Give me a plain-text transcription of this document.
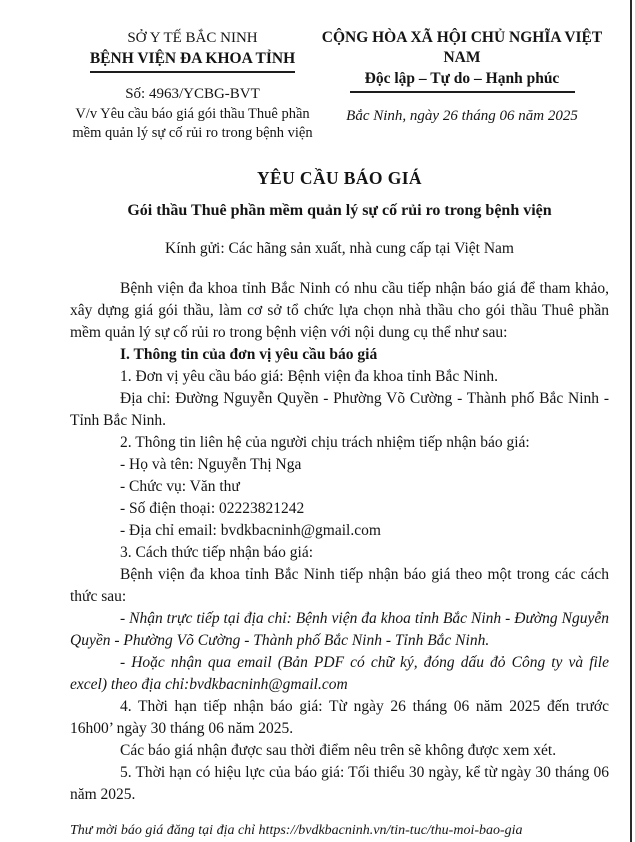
SỞ Y TẾ BẮC NINH
BỆNH VIỆN ĐA KHOA TỈNH
Số: 4963/YCBG-BVT
V/v Yêu cầu báo giá gói thầu Thuê phần mềm quản lý sự cố rủi ro trong bệnh viện
CỘNG HÒA XÃ HỘI CHỦ NGHĨA VIỆT NAM
Độc lập – Tự do – Hạnh phúc
Bắc Ninh, ngày 26 tháng 06 năm 2025
YÊU CẦU BÁO GIÁ
Gói thầu Thuê phần mềm quản lý sự cố rủi ro trong bệnh viện
Kính gửi: Các hãng sản xuất, nhà cung cấp tại Việt Nam

Bệnh viện đa khoa tỉnh Bắc Ninh có nhu cầu tiếp nhận báo giá để tham khảo, xây dựng giá gói thầu, làm cơ sở tổ chức lựa chọn nhà thầu cho gói thầu Thuê phần mềm quản lý sự cố rủi ro trong bệnh viện với nội dung cụ thể như sau:

I. Thông tin của đơn vị yêu cầu báo giá

1. Đơn vị yêu cầu báo giá: Bệnh viện đa khoa tỉnh Bắc Ninh.

Địa chỉ: Đường Nguyễn Quyền - Phường Võ Cường - Thành phố Bắc Ninh - Tỉnh Bắc Ninh.

2. Thông tin liên hệ của người chịu trách nhiệm tiếp nhận báo giá:

- Họ và tên: Nguyễn Thị Nga

- Chức vụ: Văn thư

- Số điện thoại: 02223821242

- Địa chỉ email: bvdkbacninh@gmail.com

3. Cách thức tiếp nhận báo giá:

Bệnh viện đa khoa tỉnh Bắc Ninh tiếp nhận báo giá theo một trong các cách thức sau:

- Nhận trực tiếp tại địa chỉ: Bệnh viện đa khoa tỉnh Bắc Ninh - Đường Nguyễn Quyền - Phường Võ Cường - Thành phố Bắc Ninh - Tỉnh Bắc Ninh.

- Hoặc nhận qua email (Bản PDF có chữ ký, đóng dấu đỏ Công ty và file excel) theo địa chỉ:bvdkbacninh@gmail.com

4. Thời hạn tiếp nhận báo giá: Từ ngày 26 tháng 06 năm 2025 đến trước 16h00’ ngày 30 tháng 06 năm 2025.

Các báo giá nhận được sau thời điểm nêu trên sẽ không được xem xét.

5. Thời hạn có hiệu lực của báo giá: Tối thiểu 30 ngày, kể từ ngày 30 tháng 06 năm 2025.

Thư mời báo giá đăng tại địa chỉ https://bvdkbacninh.vn/tin-tuc/thu-moi-bao-gia
